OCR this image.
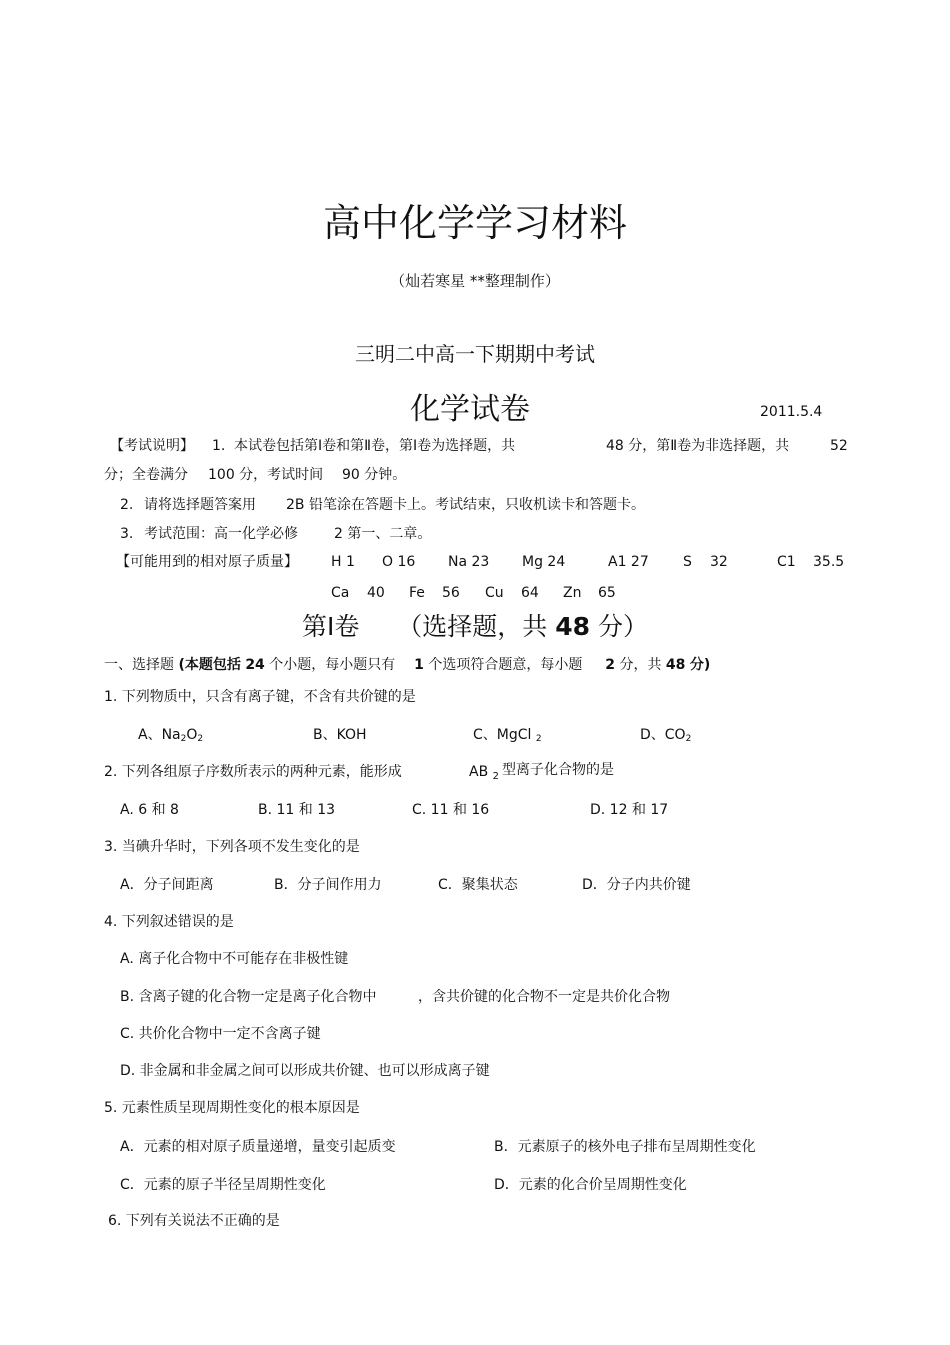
高中化学学习材料
（灿若寒星 **整理制作）
三明二中高一下期期中考试
化学试卷	2011.5.4
【考试说明】 1. 本试卷包括第Ⅰ卷和第Ⅱ卷，第Ⅰ卷为选择题，共	48 分，第Ⅱ卷为非选择题，共	52
分；全卷满分 100 分，考试时间 90 分钟。
2. 请将选择题答案用 2B 铅笔涂在答题卡上。考试结束，只收机读卡和答题卡。
3. 考试范围：高一化学必修	2 第一、二章。
【可能用到的相对原子质量】 H 1 O 16 Na 23 Mg 24	A1 27 S 32	C1 35.5
Ca 40 Fe 56 Cu 64 Zn 65
第Ⅰ卷 （选择题，共 48 分）
一、选择题 (本题包括 24 个小题，每小题只有 1 个选项符合题意，每小题 2 分，共 48 分)
1. 下列物质中，只含有离子键，不含有共价键的是
A、$Na_2O_2$	B、KOH	C、MgCl $_2$	D、$CO_2$
2. 下列各组原子序数所表示的两种元素，能形成	AB $_2$ 型离子化合物的是
A. 6 和 8	B. 11 和 13	C. 11 和 16	D. 12 和 17
3. 当碘升华时，下列各项不发生变化的是
A．分子间距离	B．分子间作用力	C．聚集状态	D．分子内共价键
4. 下列叙述错误的是
A. 离子化合物中不可能存在非极性键
B. 含离子键的化合物一定是离子化合物中	，含共价键的化合物不一定是共价化合物
C. 共价化合物中一定不含离子键
D. 非金属和非金属之间可以形成共价键、也可以形成离子键
5. 元素性质呈现周期性变化的根本原因是
A．元素的相对原子质量递增，量变引起质变	B．元素原子的核外电子排布呈周期性变化
C．元素的原子半径呈周期性变化	D．元素的化合价呈周期性变化
6. 下列有关说法不正确的是
